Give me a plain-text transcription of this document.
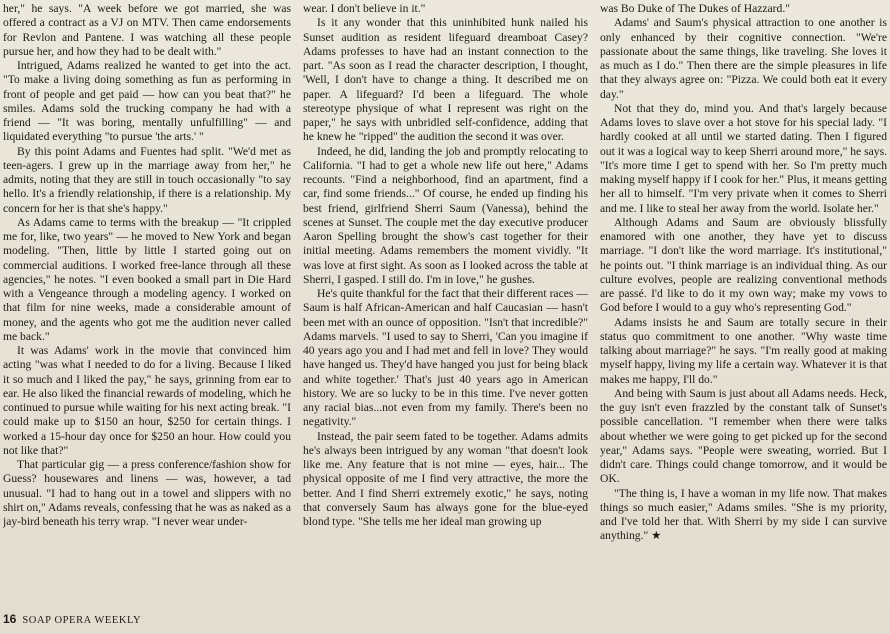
her," he says. "A week before we got married, she was offered a contract as a VJ on MTV. Then came endorsements for Revlon and Pantene. I was watching all these people pursue her, and how they had to be dealt with."

Intrigued, Adams realized he wanted to get into the act. "To make a living doing something as fun as performing in front of people and get paid — how can you beat that?" he smiles. Adams sold the trucking company he had with a friend — "It was boring, mentally unfulfilling" — and liquidated everything "to pursue 'the arts.' "

By this point Adams and Fuentes had split. "We'd met as teen-agers. I grew up in the marriage away from her," he admits, noting that they are still in touch occasionally "to say hello. It's a friendly relationship, if there is a relationship. My concern for her is that she's happy."

As Adams came to terms with the breakup — "It crippled me for, like, two years" — he moved to New York and began modeling. "Then, little by little I started going out on commercial auditions. I worked free-lance through all these agencies," he notes. "I even booked a small part in Die Hard with a Vengeance through a modeling agency. I worked on that film for nine weeks, made a considerable amount of money, and the agents who got me the audition never called me back."

It was Adams' work in the movie that convinced him acting "was what I needed to do for a living. Because I liked it so much and I liked the pay," he says, grinning from ear to ear. He also liked the financial rewards of modeling, which he continued to pursue while waiting for his next acting break. "I could make up to $150 an hour, $250 for certain things. I worked a 15-hour day once for $250 an hour. How could you not like that?"

That particular gig — a press conference/fashion show for Guess? housewares and linens — was, however, a tad unusual. "I had to hang out in a towel and slippers with no shirt on," Adams reveals, confessing that he was as naked as a jay-bird beneath his terry wrap. "I never wear under-

wear. I don't believe in it."

Is it any wonder that this uninhibited hunk nailed his Sunset audition as resident lifeguard dreamboat Casey? Adams professes to have had an instant connection to the part. "As soon as I read the character description, I thought, 'Well, I don't have to change a thing. It described me on paper. A lifeguard? I'd been a lifeguard. The whole stereotype physique of what I represent was right on the paper," he says with unbridled self-confidence, adding that he knew he "ripped" the audition the second it was over.

Indeed, he did, landing the job and promptly relocating to California. "I had to get a whole new life out here," Adams recounts. "Find a neighborhood, find an apartment, find a car, find some friends..." Of course, he ended up finding his best friend, girlfriend Sherri Saum (Vanessa), behind the scenes at Sunset. The couple met the day executive producer Aaron Spelling brought the show's cast together for their initial meeting. Adams remembers the moment vividly. "It was love at first sight. As soon as I looked across the table at Sherri, I gasped. I still do. I'm in love," he gushes.

He's quite thankful for the fact that their different races — Saum is half African-American and half Caucasian — hasn't been met with an ounce of opposition. "Isn't that incredible?" Adams marvels. "I used to say to Sherri, 'Can you imagine if 40 years ago you and I had met and fell in love? They would have hanged us. They'd have hanged you just for being black and white together.' That's just 40 years ago in American history. We are so lucky to be in this time. I've never gotten any racial bias...not even from my family. There's been no negativity."

Instead, the pair seem fated to be together. Adams admits he's always been intrigued by any woman "that doesn't look like me. Any feature that is not mine — eyes, hair... The physical opposite of me I find very attractive, the more the better. And I find Sherri extremely exotic," he says, noting that conversely Saum has always gone for the blue-eyed blond type. "She tells me her ideal man growing up

was Bo Duke of The Dukes of Hazzard."

Adams' and Saum's physical attraction to one another is only enhanced by their cognitive connection. "We're passionate about the same things, like traveling. She loves it as much as I do." Then there are the simple pleasures in life that they always agree on: "Pizza. We could both eat it every day."

Not that they do, mind you. And that's largely because Adams loves to slave over a hot stove for his special lady. "I hardly cooked at all until we started dating. Then I figured out it was a logical way to keep Sherri around more," he says. "It's more time I get to spend with her. So I'm pretty much making myself happy if I cook for her." Plus, it means getting her all to himself. "I'm very private when it comes to Sherri and me. I like to steal her away from the world. Isolate her."

Although Adams and Saum are obviously blissfully enamored with one another, they have yet to discuss marriage. "I don't like the word marriage. It's institutional," he points out. "I think marriage is an individual thing. As our culture evolves, people are realizing conventional methods are passé. I'd like to do it my own way; make my vows to God before I would to a guy who's representing God."

Adams insists he and Saum are totally secure in their status quo commitment to one another. "Why waste time talking about marriage?" he says. "I'm really good at making myself happy, living my life a certain way. Whatever it is that makes me happy, I'll do."

And being with Saum is just about all Adams needs. Heck, the guy isn't even frazzled by the constant talk of Sunset's possible cancellation. "I remember when there were talks about whether we were going to get picked up for the second year," Adams says. "People were sweating, worried. But I didn't care. Things could change tomorrow, and it would be OK.

"The thing is, I have a woman in my life now. That makes things so much easier," Adams smiles. "She is my priority, and I've told her that. With Sherri by my side I can survive anything." ★

16 SOAP OPERA WEEKLY
